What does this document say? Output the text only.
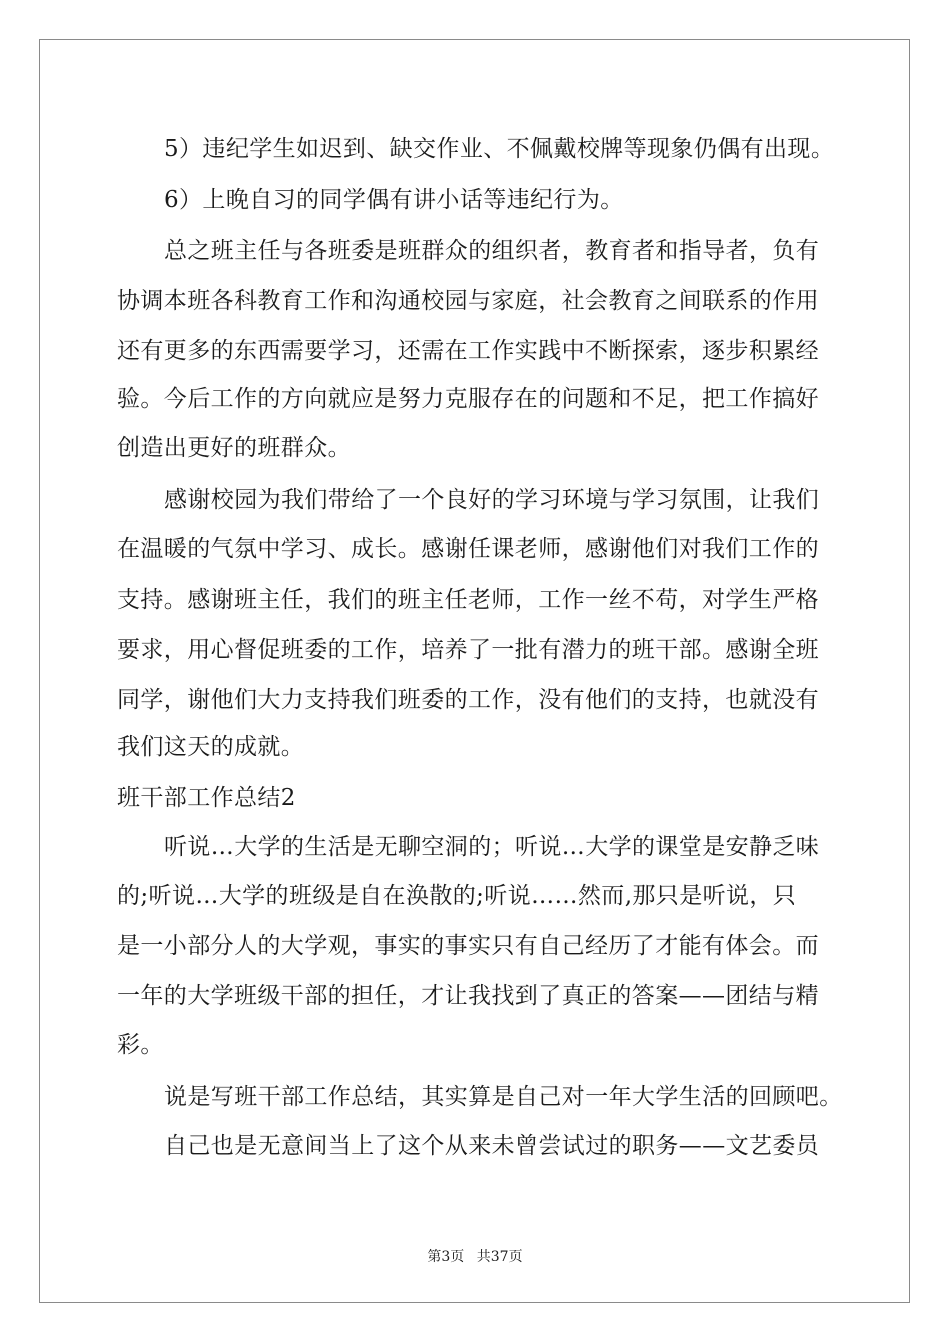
5）违纪学生如迟到、缺交作业、不佩戴校牌等现象仍偶有出现。
6）上晚自习的同学偶有讲小话等违纪行为。
总之班主任与各班委是班群众的组织者，教育者和指导者，负有
协调本班各科教育工作和沟通校园与家庭，社会教育之间联系的作用
还有更多的东西需要学习，还需在工作实践中不断探索，逐步积累经
验。今后工作的方向就应是努力克服存在的问题和不足，把工作搞好
创造出更好的班群众。
感谢校园为我们带给了一个良好的学习环境与学习氛围，让我们
在温暖的气氛中学习、成长。感谢任课老师，感谢他们对我们工作的
支持。感谢班主任，我们的班主任老师，工作一丝不苟，对学生严格
要求，用心督促班委的工作，培养了一批有潜力的班干部。感谢全班
同学，谢他们大力支持我们班委的工作，没有他们的支持，也就没有
我们这天的成就。
班干部工作总结2
听说…大学的生活是无聊空洞的；听说…大学的课堂是安静乏味
的;听说…大学的班级是自在涣散的;听说……然而,那只是听说，只
是一小部分人的大学观，事实的事实只有自己经历了才能有体会。而
一年的大学班级干部的担任，才让我找到了真正的答案——团结与精
彩。
说是写班干部工作总结，其实算是自己对一年大学生活的回顾吧。
自己也是无意间当上了这个从来未曾尝试过的职务——文艺委员
第3页 共37页
